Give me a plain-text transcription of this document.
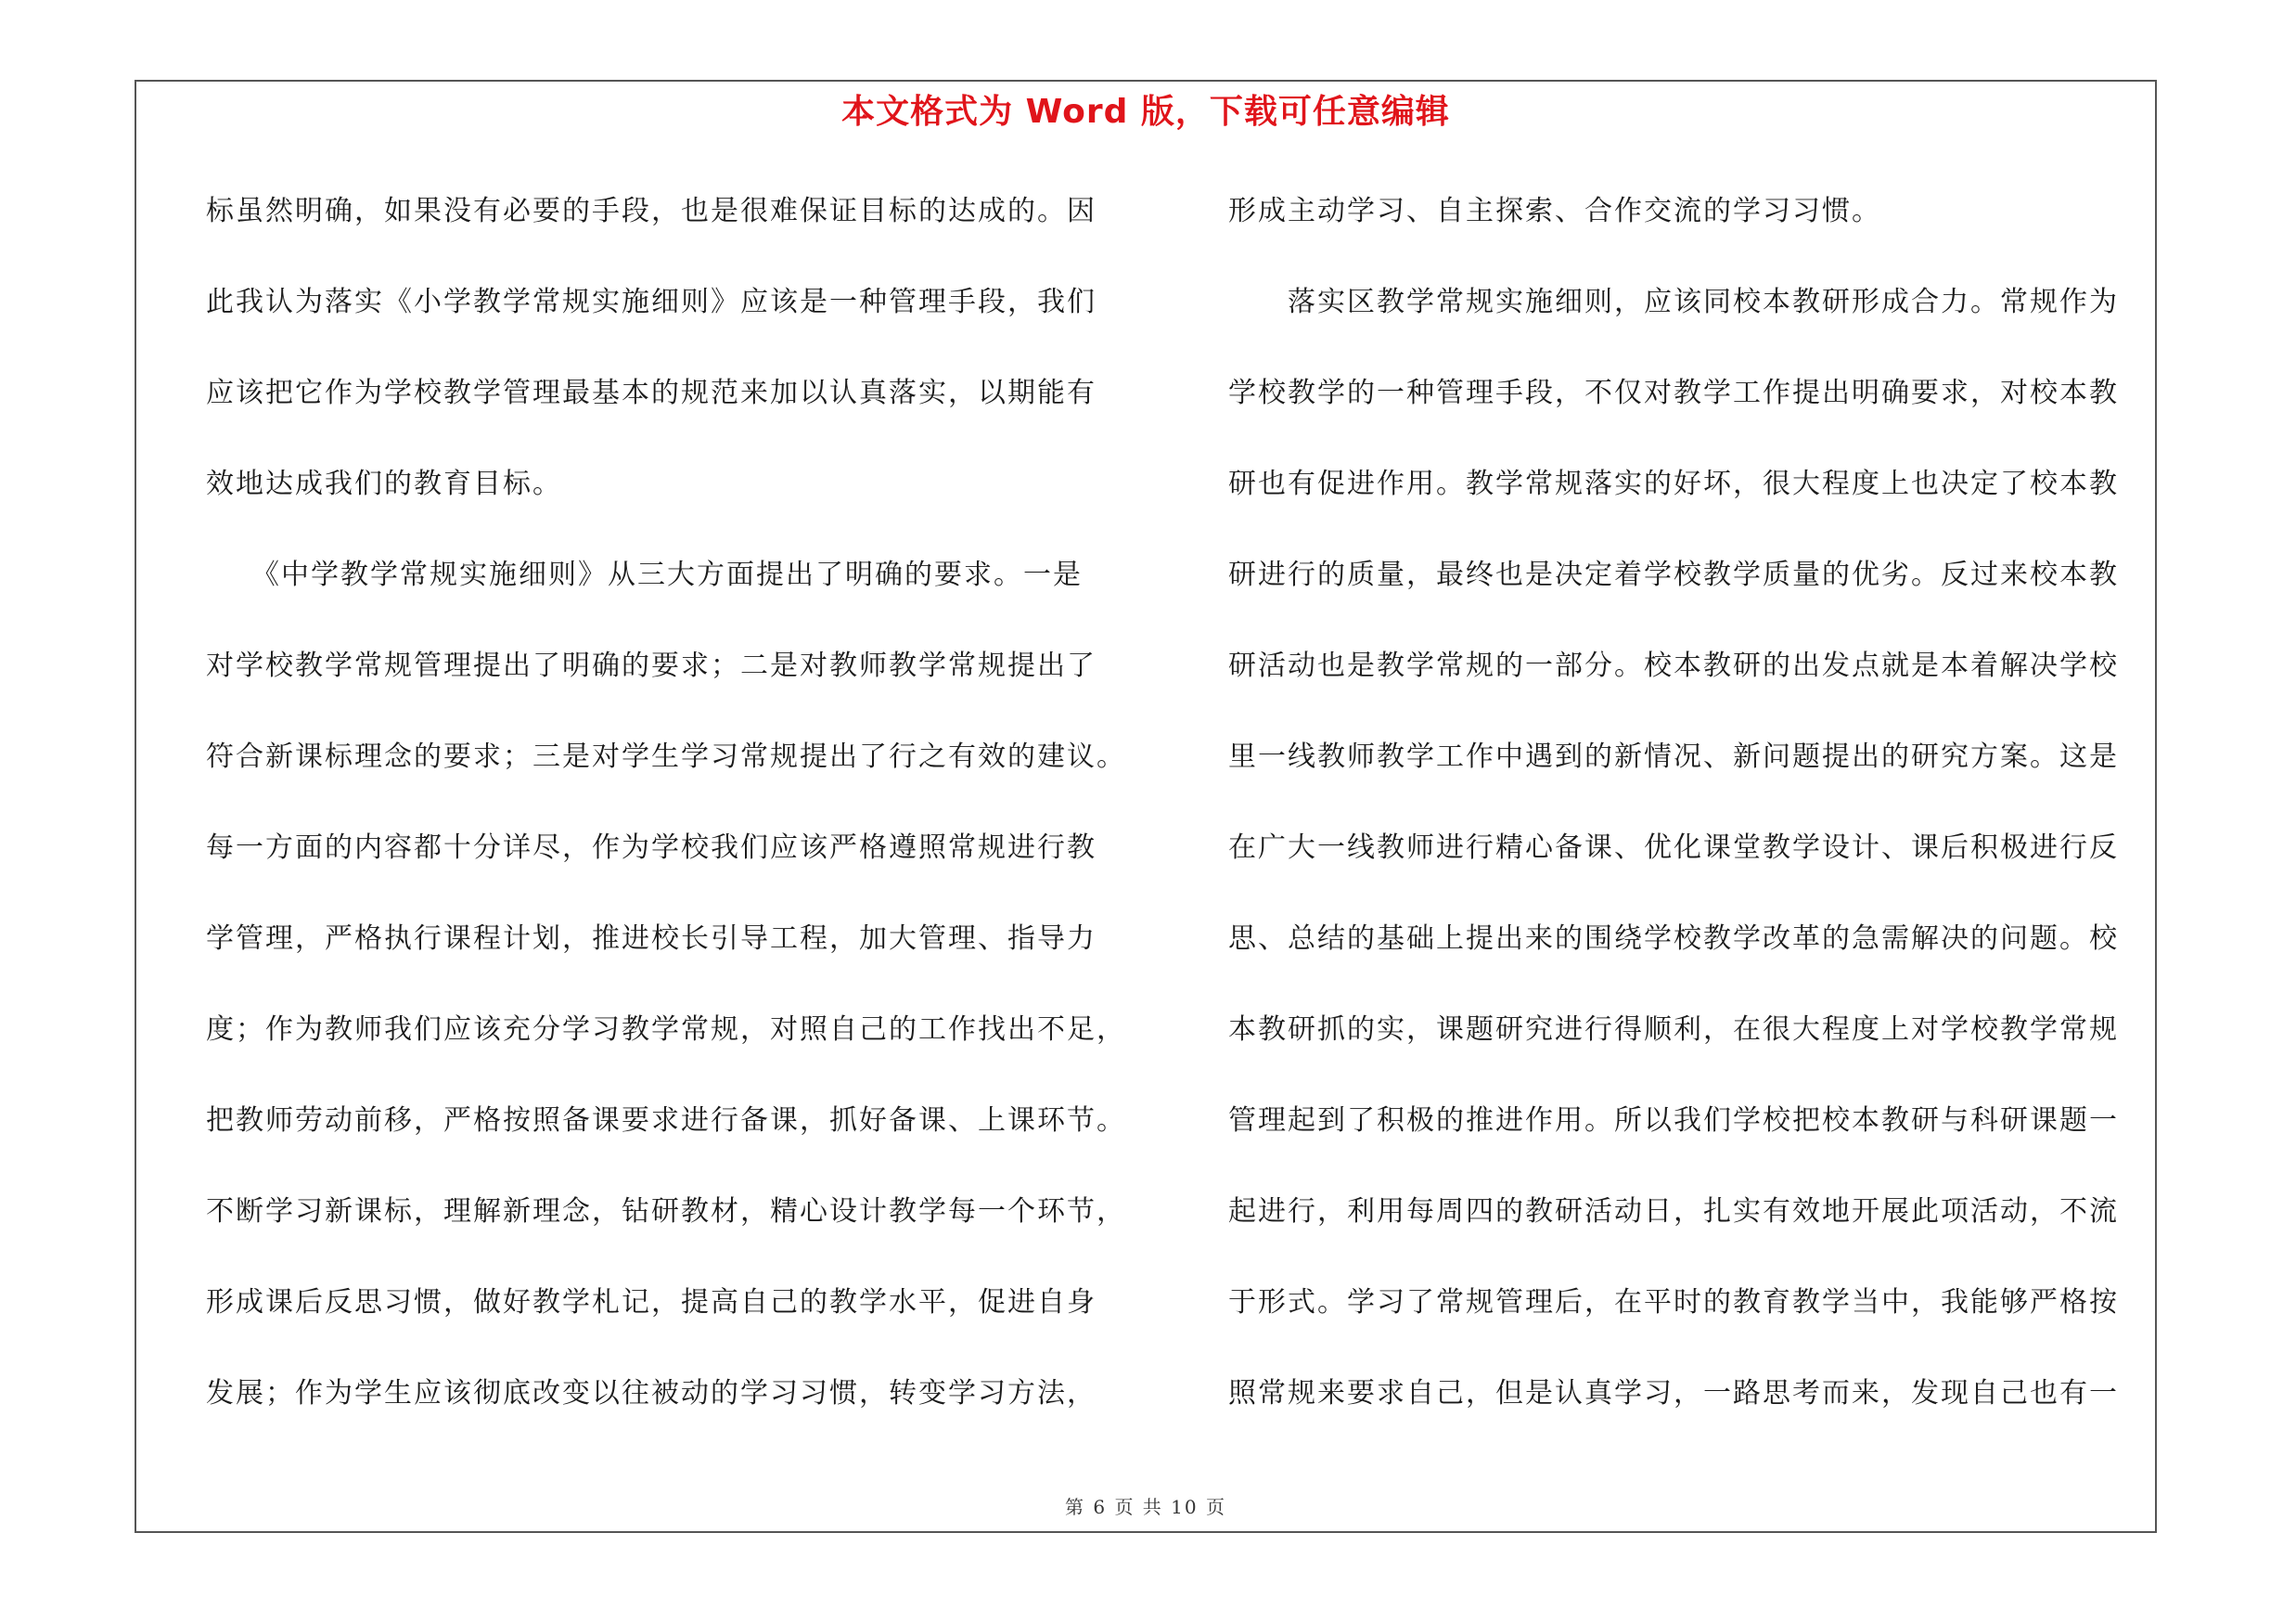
本文格式为 Word 版，下载可任意编辑
标虽然明确，如果没有必要的手段，也是很难保证目标的达成的。因
此我认为落实《小学教学常规实施细则》应该是一种管理手段，我们
应该把它作为学校教学管理最基本的规范来加以认真落实，以期能有
效地达成我们的教育目标。
　　《中学教学常规实施细则》从三大方面提出了明确的要求。一是
对学校教学常规管理提出了明确的要求；二是对教师教学常规提出了
符合新课标理念的要求；三是对学生学习常规提出了行之有效的建议。
每一方面的内容都十分详尽，作为学校我们应该严格遵照常规进行教
学管理，严格执行课程计划，推进校长引导工程，加大管理、指导力
度；作为教师我们应该充分学习教学常规，对照自己的工作找出不足，
把教师劳动前移，严格按照备课要求进行备课，抓好备课、上课环节。
不断学习新课标，理解新理念，钻研教材，精心设计教学每一个环节，
形成课后反思习惯，做好教学札记，提高自己的教学水平，促进自身
发展；作为学生应该彻底改变以往被动的学习习惯，转变学习方法，
形成主动学习、自主探索、合作交流的学习习惯。
　　落实区教学常规实施细则，应该同校本教研形成合力。常规作为
学校教学的一种管理手段，不仅对教学工作提出明确要求，对校本教
研也有促进作用。教学常规落实的好坏，很大程度上也决定了校本教
研进行的质量，最终也是决定着学校教学质量的优劣。反过来校本教
研活动也是教学常规的一部分。校本教研的出发点就是本着解决学校
里一线教师教学工作中遇到的新情况、新问题提出的研究方案。这是
在广大一线教师进行精心备课、优化课堂教学设计、课后积极进行反
思、总结的基础上提出来的围绕学校教学改革的急需解决的问题。校
本教研抓的实，课题研究进行得顺利，在很大程度上对学校教学常规
管理起到了积极的推进作用。所以我们学校把校本教研与科研课题一
起进行，利用每周四的教研活动日，扎实有效地开展此项活动，不流
于形式。学习了常规管理后，在平时的教育教学当中，我能够严格按
照常规来要求自己，但是认真学习，一路思考而来，发现自己也有一
第 6 页 共 10 页
